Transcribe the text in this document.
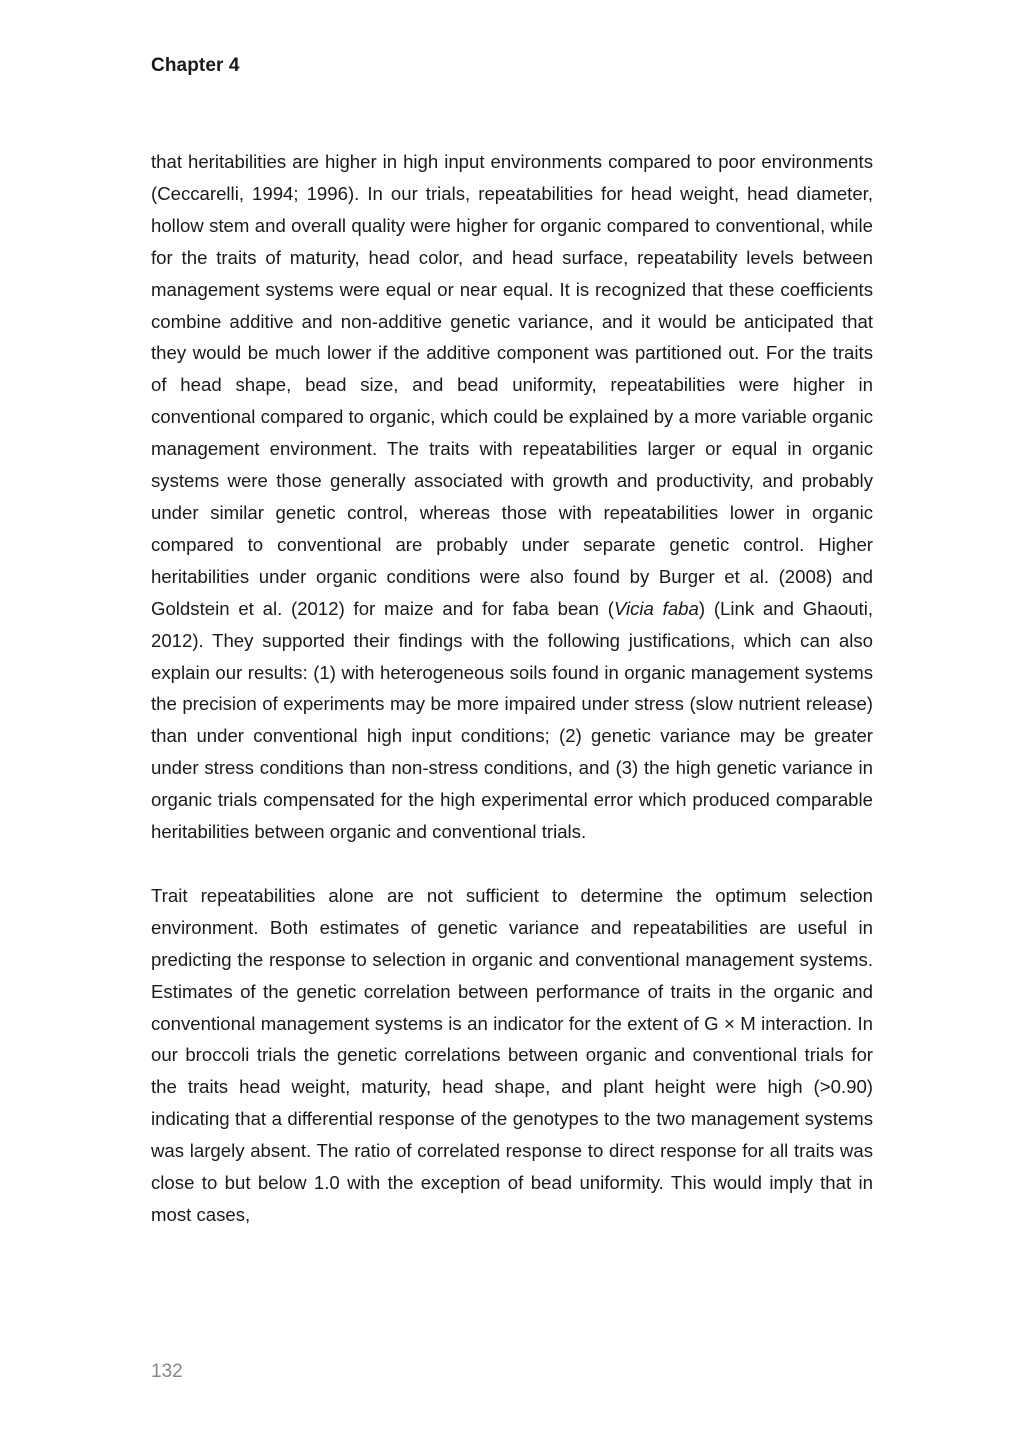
Chapter 4

that heritabilities are higher in high input environments compared to poor environments (Ceccarelli, 1994; 1996). In our trials, repeatabilities for head weight, head diameter, hollow stem and overall quality were higher for organic compared to conventional, while for the traits of maturity, head color, and head surface, repeatability levels between management systems were equal or near equal. It is recognized that these coefficients combine additive and non-additive genetic variance, and it would be anticipated that they would be much lower if the additive component was partitioned out. For the traits of head shape, bead size, and bead uniformity, repeatabilities were higher in conventional compared to organic, which could be explained by a more variable organic management environment. The traits with repeatabilities larger or equal in organic systems were those generally associated with growth and productivity, and probably under similar genetic control, whereas those with repeatabilities lower in organic compared to conventional are probably under separate genetic control. Higher heritabilities under organic conditions were also found by Burger et al. (2008) and Goldstein et al. (2012) for maize and for faba bean (Vicia faba) (Link and Ghaouti, 2012). They supported their findings with the following justifications, which can also explain our results: (1) with heterogeneous soils found in organic management systems the precision of experiments may be more impaired under stress (slow nutrient release) than under conventional high input conditions; (2) genetic variance may be greater under stress conditions than non-stress conditions, and (3) the high genetic variance in organic trials compensated for the high experimental error which produced comparable heritabilities between organic and conventional trials.

Trait repeatabilities alone are not sufficient to determine the optimum selection environment. Both estimates of genetic variance and repeatabilities are useful in predicting the response to selection in organic and conventional management systems. Estimates of the genetic correlation between performance of traits in the organic and conventional management systems is an indicator for the extent of G × M interaction. In our broccoli trials the genetic correlations between organic and conventional trials for the traits head weight, maturity, head shape, and plant height were high (>0.90) indicating that a differential response of the genotypes to the two management systems was largely absent. The ratio of correlated response to direct response for all traits was close to but below 1.0 with the exception of bead uniformity. This would imply that in most cases,

132
